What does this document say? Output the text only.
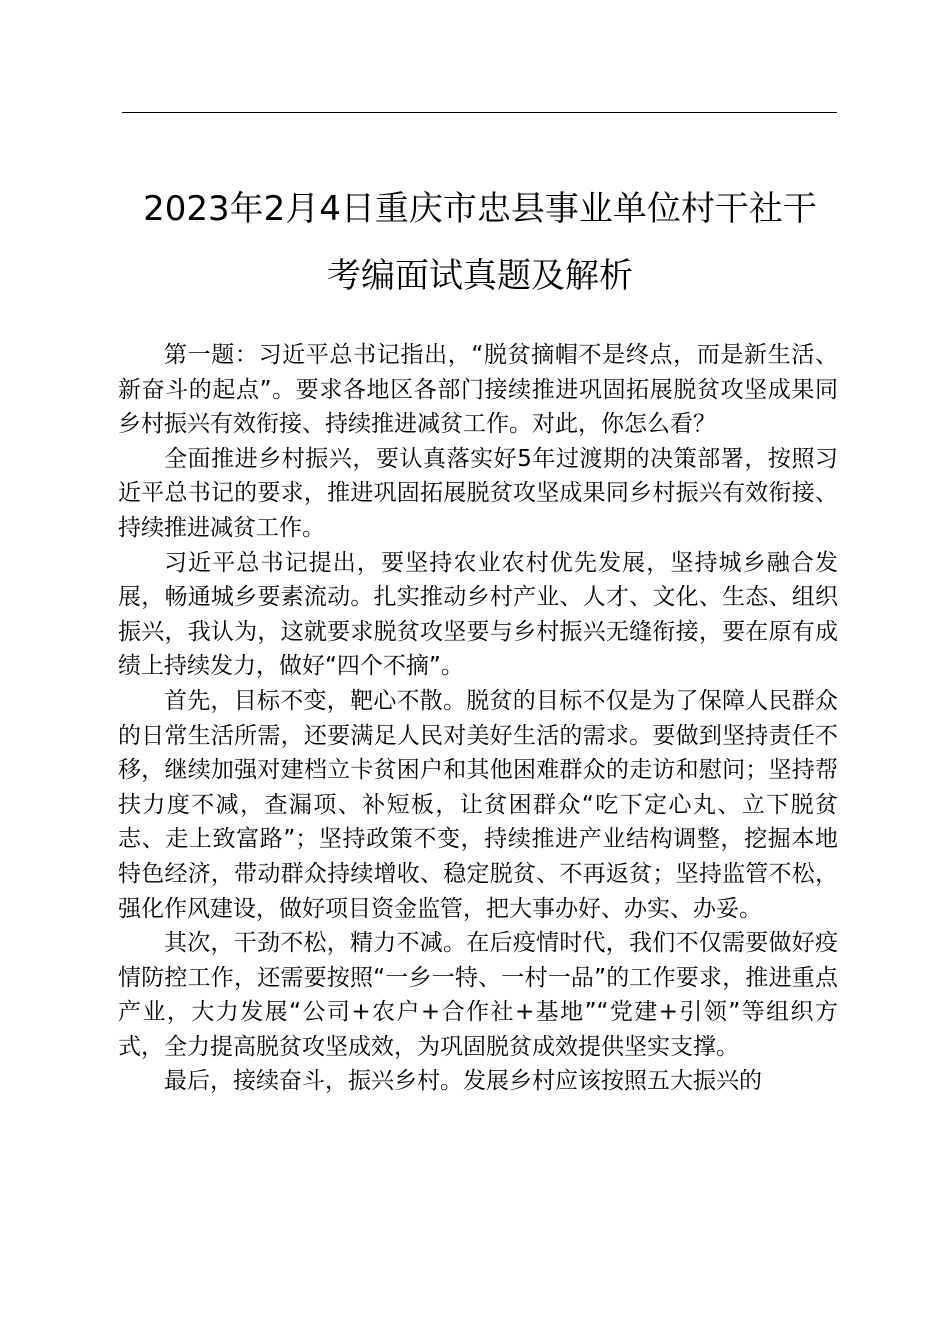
2023年2月4日重庆市忠县事业单位村干社干
考编面试真题及解析

第一题：习近平总书记指出，“脱贫摘帽不是终点，而是新生活、新奋斗的起点”。要求各地区各部门接续推进巩固拓展脱贫攻坚成果同乡村振兴有效衔接、持续推进减贫工作。对此，你怎么看？

全面推进乡村振兴，要认真落实好5年过渡期的决策部署，按照习近平总书记的要求，推进巩固拓展脱贫攻坚成果同乡村振兴有效衔接、持续推进减贫工作。

习近平总书记提出，要坚持农业农村优先发展，坚持城乡融合发展，畅通城乡要素流动。扎实推动乡村产业、人才、文化、生态、组织振兴，我认为，这就要求脱贫攻坚要与乡村振兴无缝衔接，要在原有成绩上持续发力，做好“四个不摘”。

首先，目标不变，靶心不散。脱贫的目标不仅是为了保障人民群众的日常生活所需，还要满足人民对美好生活的需求。要做到坚持责任不移，继续加强对建档立卡贫困户和其他困难群众的走访和慰问；坚持帮扶力度不减，查漏项、补短板，让贫困群众“吃下定心丸、立下脱贫志、走上致富路”；坚持政策不变，持续推进产业结构调整，挖掘本地特色经济，带动群众持续增收、稳定脱贫、不再返贫；坚持监管不松，强化作风建设，做好项目资金监管，把大事办好、办实、办妥。

其次，干劲不松，精力不减。在后疫情时代，我们不仅需要做好疫情防控工作，还需要按照“一乡一特、一村一品”的工作要求，推进重点产业，大力发展“公司+农户+合作社+基地”“党建+引领”等组织方式，全力提高脱贫攻坚成效，为巩固脱贫成效提供坚实支撑。

最后，接续奋斗，振兴乡村。发展乡村应该按照五大振兴的
